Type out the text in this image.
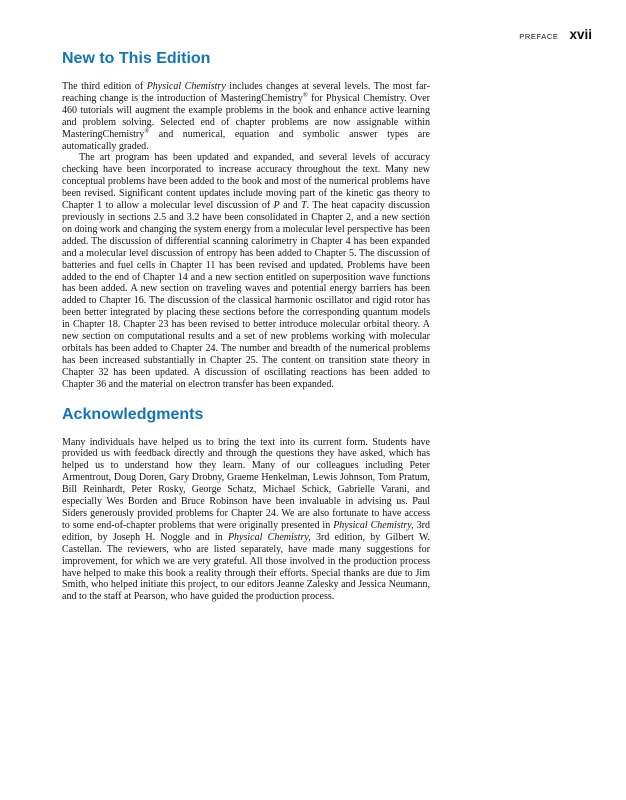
PREFACE xvii
New to This Edition

The third edition of Physical Chemistry includes changes at several levels. The most far-reaching change is the introduction of MasteringChemistry® for Physical Chemistry. Over 460 tutorials will augment the example problems in the book and enhance active learning and problem solving. Selected end of chapter problems are now assignable within MasteringChemistry® and numerical, equation and symbolic answer types are automatically graded.

The art program has been updated and expanded, and several levels of accuracy checking have been incorporated to increase accuracy throughout the text. Many new conceptual problems have been added to the book and most of the numerical problems have been revised. Significant content updates include moving part of the kinetic gas theory to Chapter 1 to allow a molecular level discussion of P and T. The heat capacity discussion previously in sections 2.5 and 3.2 have been consolidated in Chapter 2, and a new section on doing work and changing the system energy from a molecular level perspective has been added. The discussion of differential scanning calorimetry in Chapter 4 has been expanded and a molecular level discussion of entropy has been added to Chapter 5. The discussion of batteries and fuel cells in Chapter 11 has been revised and updated. Problems have been added to the end of Chapter 14 and a new section entitled on superposition wave functions has been added. A new section on traveling waves and potential energy barriers has been added to Chapter 16. The discussion of the classical harmonic oscillator and rigid rotor has been better integrated by placing these sections before the corresponding quantum models in Chapter 18. Chapter 23 has been revised to better introduce molecular orbital theory. A new section on computational results and a set of new problems working with molecular orbitals has been added to Chapter 24. The number and breadth of the numerical problems has been increased substantially in Chapter 25. The content on transition state theory in Chapter 32 has been updated. A discussion of oscillating reactions has been added to Chapter 36 and the material on electron transfer has been expanded.

Acknowledgments

Many individuals have helped us to bring the text into its current form. Students have provided us with feedback directly and through the questions they have asked, which has helped us to understand how they learn. Many of our colleagues including Peter Armentrout, Doug Doren, Gary Drobny, Graeme Henkelman, Lewis Johnson, Tom Pratum, Bill Reinhardt, Peter Rosky, George Schatz, Michael Schick, Gabrielle Varani, and especially Wes Borden and Bruce Robinson have been invaluable in advising us. Paul Siders generously provided problems for Chapter 24. We are also fortunate to have access to some end-of-chapter problems that were originally presented in Physical Chemistry, 3rd edition, by Joseph H. Noggle and in Physical Chemistry, 3rd edition, by Gilbert W. Castellan. The reviewers, who are listed separately, have made many suggestions for improvement, for which we are very grateful. All those involved in the production process have helped to make this book a reality through their efforts. Special thanks are due to Jim Smith, who helped initiate this project, to our editors Jeanne Zalesky and Jessica Neumann, and to the staff at Pearson, who have guided the production process.
